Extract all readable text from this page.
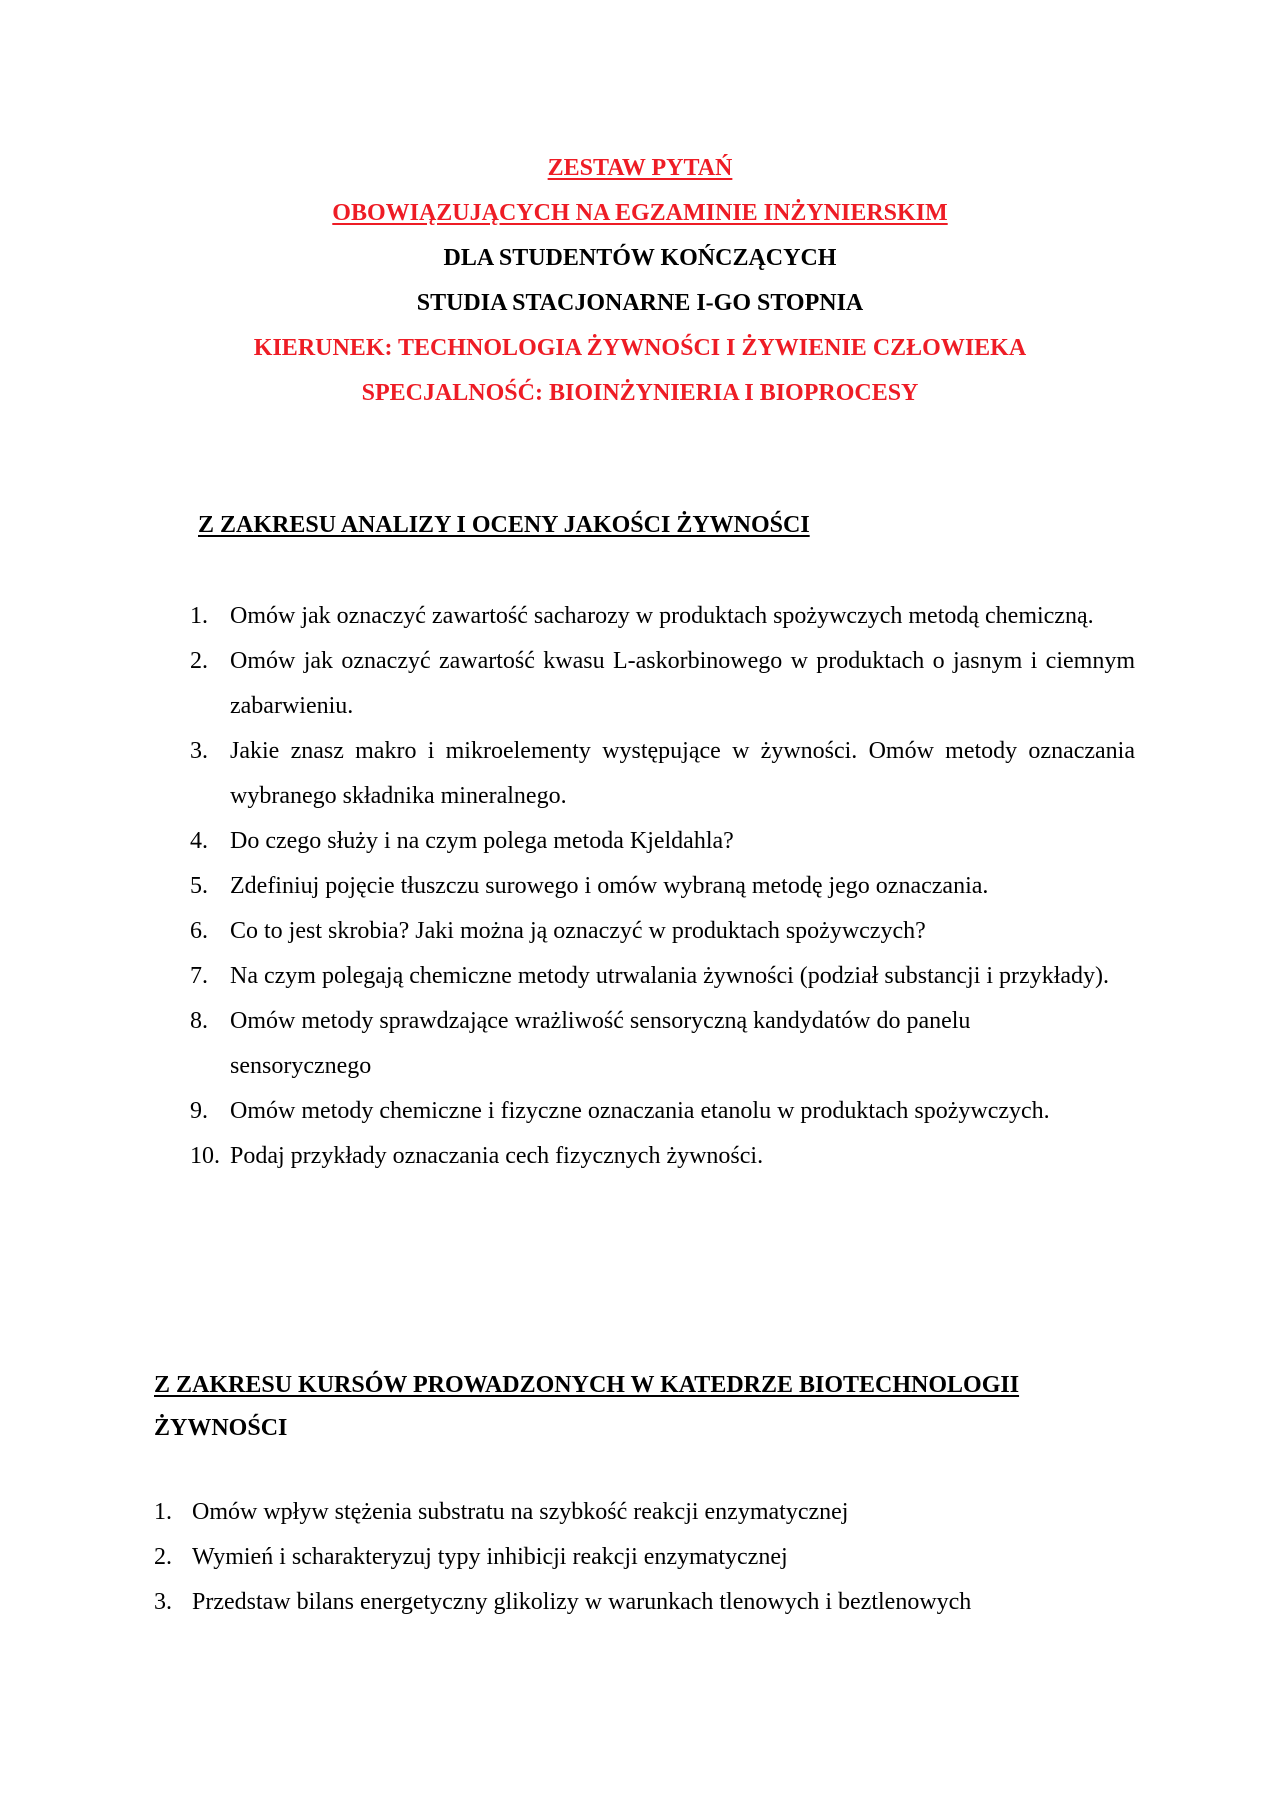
ZESTAW PYTAŃ
OBOWIĄZUJĄCYCH NA EGZAMINIE INŻYNIERSKIM
DLA STUDENTÓW KOŃCZĄCYCH
STUDIA STACJONARNE I-GO STOPNIA
KIERUNEK: TECHNOLOGIA ŻYWNOŚCI I ŻYWIENIE CZŁOWIEKA
SPECJALNOŚĆ: BIOINŻYNIERIA I BIOPROCESY
Z ZAKRESU ANALIZY I OCENY JAKOŚCI ŻYWNOŚCI
1. Omów jak oznaczyć zawartość sacharozy w produktach spożywczych metodą chemiczną.
2. Omów jak oznaczyć zawartość kwasu L-askorbinowego w produktach o jasnym i ciemnym zabarwieniu.
3. Jakie znasz makro i mikroelementy występujące w żywności. Omów metody oznaczania wybranego składnika mineralnego.
4. Do czego służy i na czym polega metoda Kjeldahla?
5. Zdefiniuj pojęcie tłuszczu surowego i omów wybraną metodę jego oznaczania.
6. Co to jest skrobia? Jaki można ją oznaczyć w produktach spożywczych?
7. Na czym polegają chemiczne metody utrwalania żywności (podział substancji i przykłady).
8. Omów metody sprawdzające wrażliwość sensoryczną kandydatów do panelu sensorycznego
9. Omów metody chemiczne i fizyczne oznaczania etanolu w produktach spożywczych.
10. Podaj przykłady oznaczania cech fizycznych żywności.
Z ZAKRESU KURSÓW PROWADZONYCH W KATEDRZE BIOTECHNOLOGII
ŻYWNOŚCI
1. Omów wpływ stężenia substratu na szybkość reakcji enzymatycznej
2. Wymień i scharakteryzuj typy inhibicji reakcji enzymatycznej
3. Przedstaw bilans energetyczny glikolizy w warunkach tlenowych i beztlenowych
